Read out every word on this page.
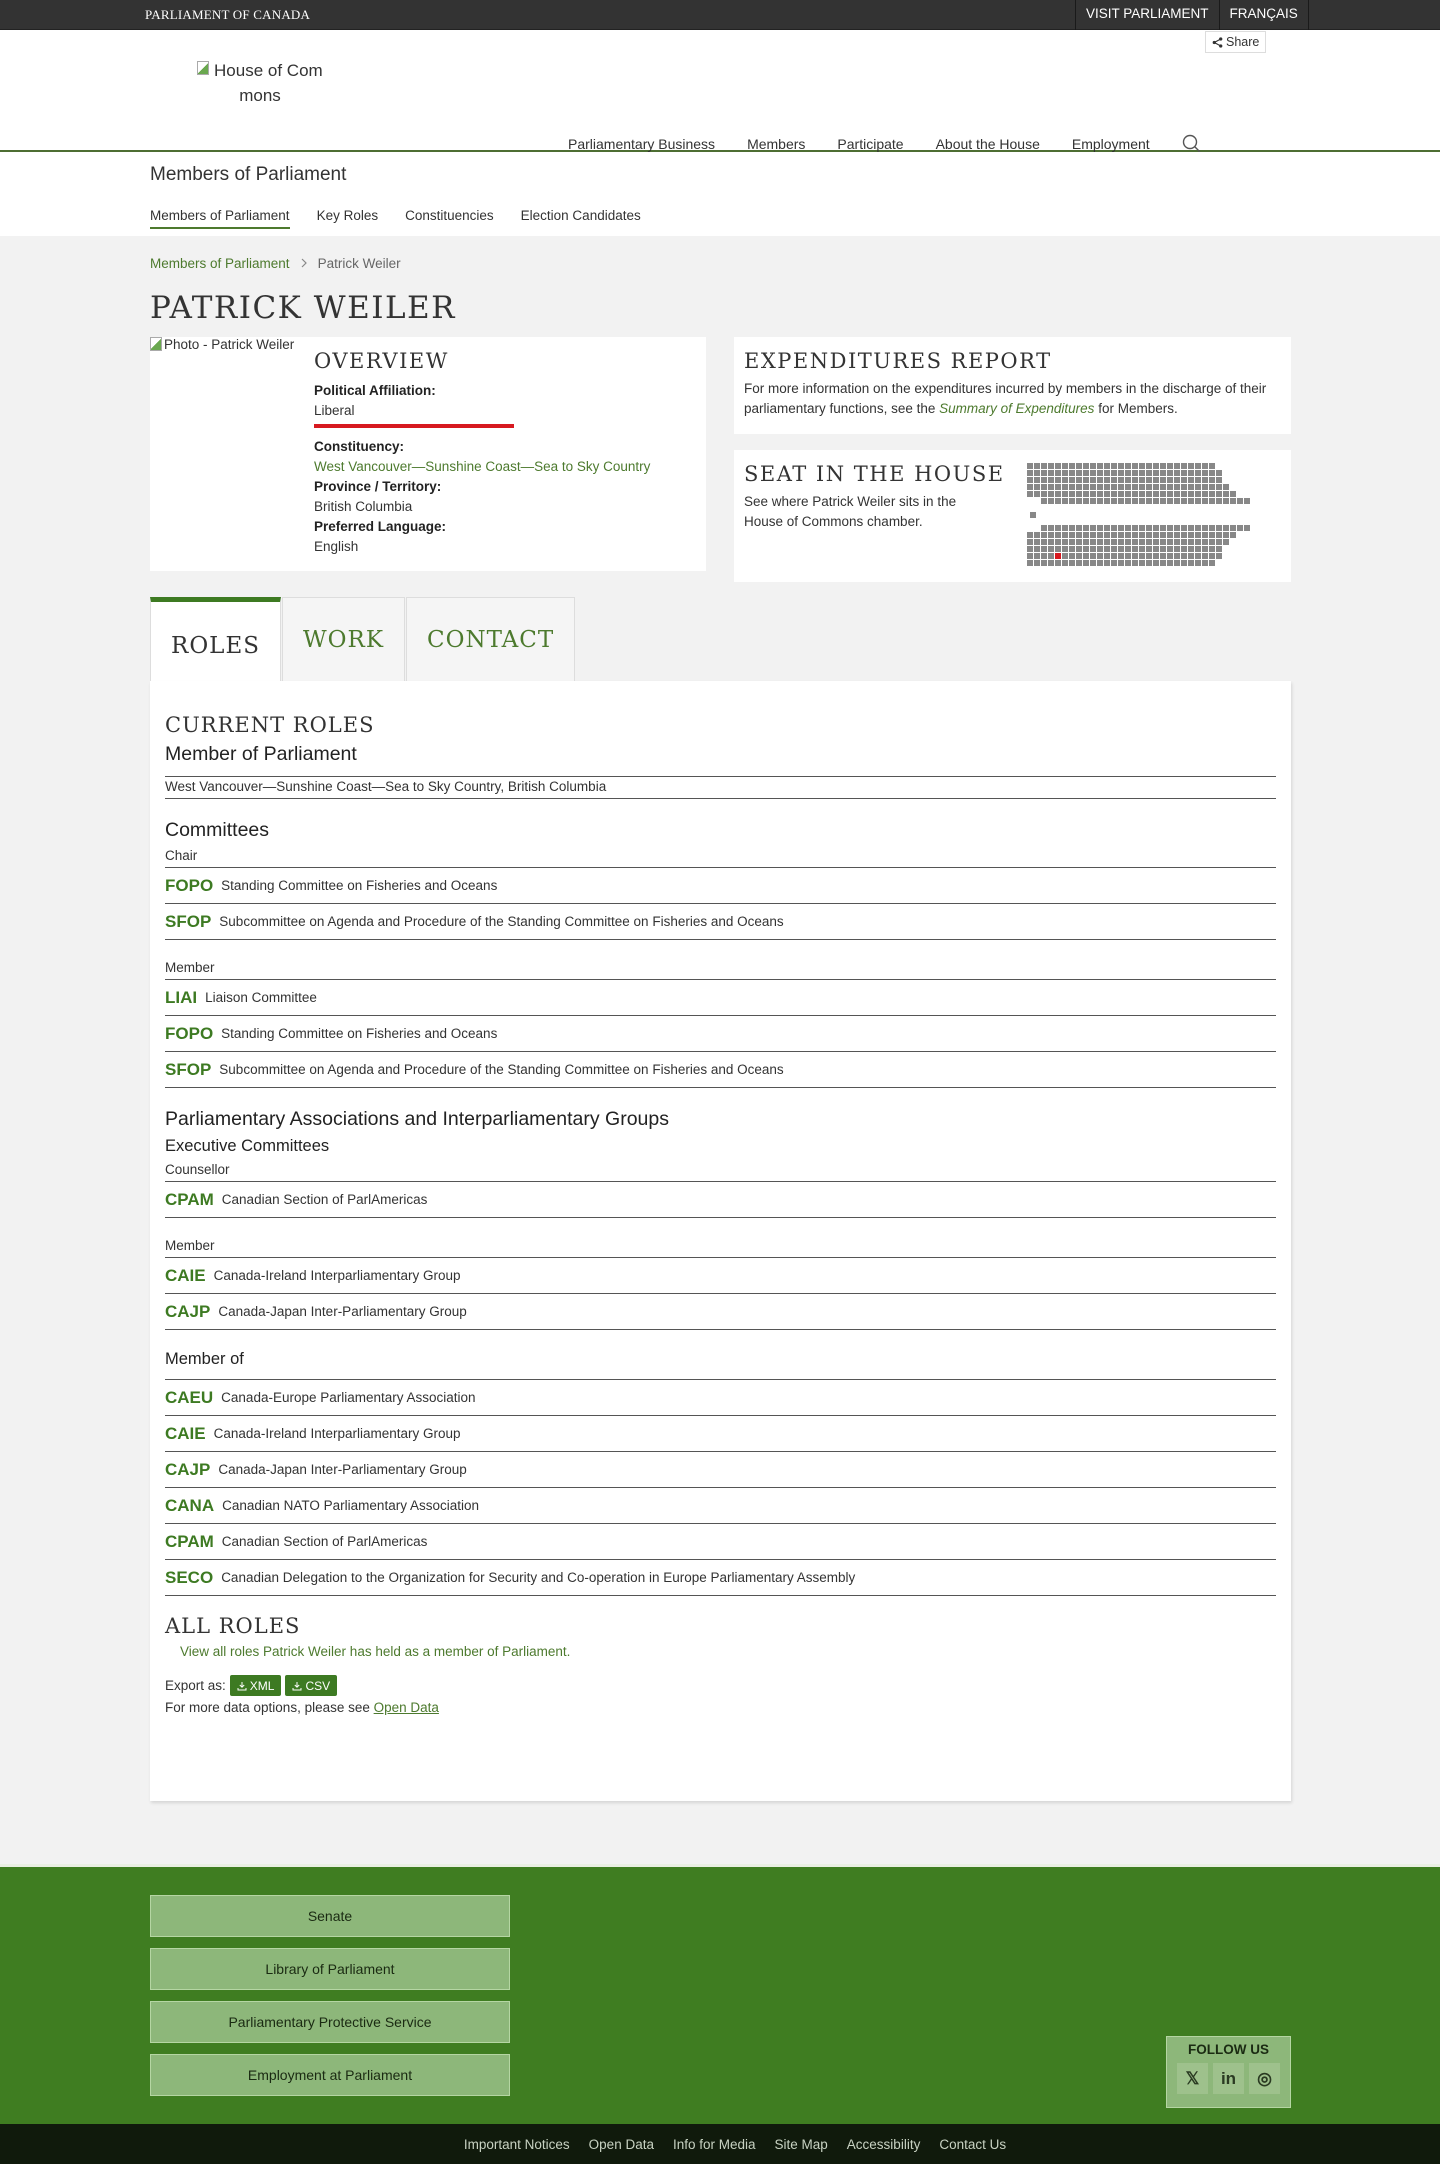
PARLIAMENT OF CANADA	VISIT PARLIAMENT	FRANÇAIS
Share
House of Com
mons
Parliamentary Business Members Participate About the House Employment
Members of Parliament
Members of Parliament Key Roles Constituencies Election Candidates
Members of Parliament Patrick Weiler
PATRICK WEILER
Photo - Patrick Weiler
OVERVIEW
Political Affiliation:
Liberal
Constituency:
West Vancouver—Sunshine Coast—Sea to Sky Country
Province / Territory:
British Columbia
Preferred Language:
English
EXPENDITURES REPORT

For more information on the expenditures incurred by members in the discharge of their parliamentary functions, see the Summary of Expenditures for Members.

SEAT IN THE HOUSE

See where Patrick Weiler sits in the House of Commons chamber.

ROLES	WORK	CONTACT
CURRENT ROLES
Member of Parliament
West Vancouver—Sunshine Coast—Sea to Sky Country, British Columbia
Committees
Chair
FOPO Standing Committee on Fisheries and Oceans
SFOP Subcommittee on Agenda and Procedure of the Standing Committee on Fisheries and Oceans
Member
LIAI Liaison Committee
FOPO Standing Committee on Fisheries and Oceans
SFOP Subcommittee on Agenda and Procedure of the Standing Committee on Fisheries and Oceans
Parliamentary Associations and Interparliamentary Groups
Executive Committees
Counsellor
CPAM Canadian Section of ParlAmericas
Member
CAIE Canada-Ireland Interparliamentary Group
CAJP Canada-Japan Inter-Parliamentary Group
Member of
CAEU Canada-Europe Parliamentary Association
CAIE Canada-Ireland Interparliamentary Group
CAJP Canada-Japan Inter-Parliamentary Group
CANA Canadian NATO Parliamentary Association
CPAM Canadian Section of ParlAmericas
SECO Canadian Delegation to the Organization for Security and Co-operation in Europe Parliamentary Assembly
ALL ROLES
View all roles Patrick Weiler has held as a member of Parliament.
Export as: XML	CSV
For more data options, please see Open Data
Senate
Library of Parliament
Parliamentary Protective Service
Employment at Parliament
FOLLOW US
𝕏	in	◎
Important Notices Open Data Info for Media Site Map Accessibility Contact Us
